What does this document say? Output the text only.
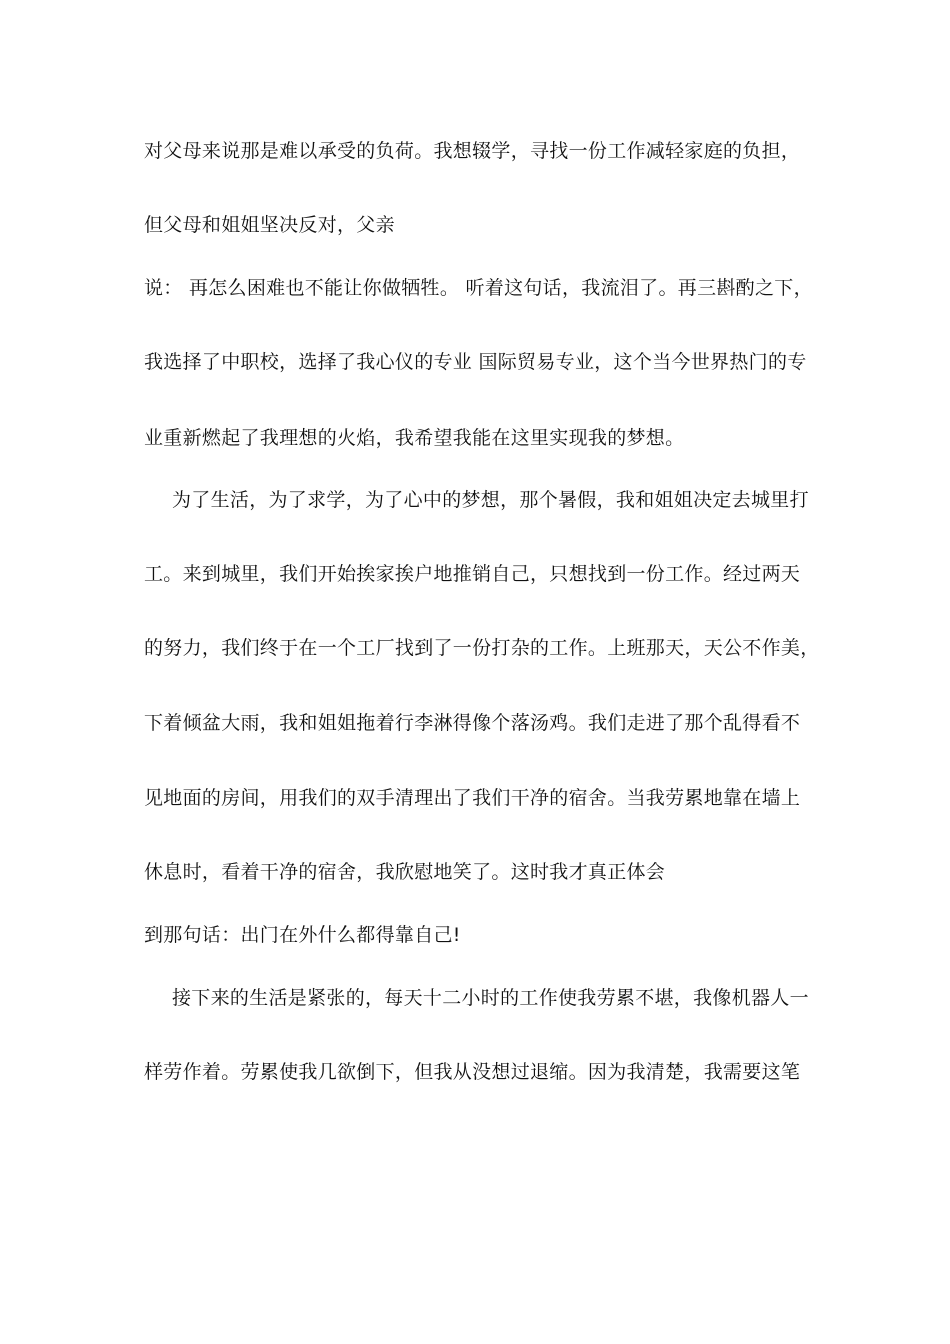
对父母来说那是难以承受的负荷。我想辍学，寻找一份工作减轻家庭的负担，
但父母和姐姐坚决反对，父亲
说： 再怎么困难也不能让你做牺牲。 听着这句话，我流泪了。再三斟酌之下，
我选择了中职校，选择了我心仪的专业 国际贸易专业，这个当今世界热门的专
业重新燃起了我理想的火焰，我希望我能在这里实现我的梦想。
为了生活，为了求学，为了心中的梦想，那个暑假，我和姐姐决定去城里打
工。来到城里，我们开始挨家挨户地推销自己，只想找到一份工作。经过两天
的努力，我们终于在一个工厂找到了一份打杂的工作。上班那天，天公不作美，
下着倾盆大雨，我和姐姐拖着行李淋得像个落汤鸡。我们走进了那个乱得看不
见地面的房间，用我们的双手清理出了我们干净的宿舍。当我劳累地靠在墙上
休息时，看着干净的宿舍，我欣慰地笑了。这时我才真正体会
到那句话：出门在外什么都得靠自己!
接下来的生活是紧张的，每天十二小时的工作使我劳累不堪，我像机器人一
样劳作着。劳累使我几欲倒下，但我从没想过退缩。因为我清楚，我需要这笔
